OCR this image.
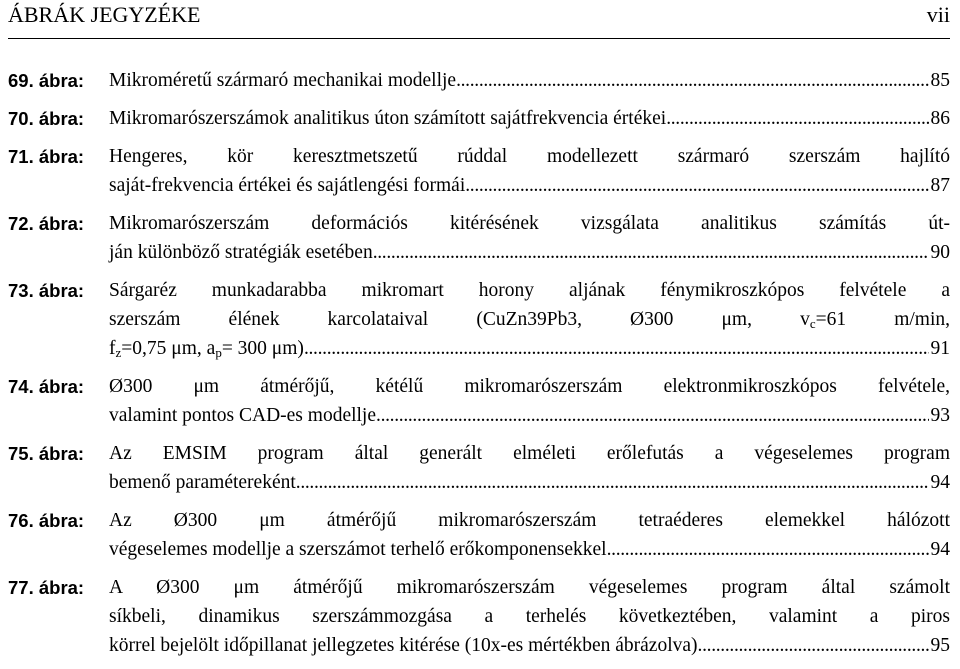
ÁBRÁK JEGYZÉKE	vii
69. ábra:	Mikroméretű szármaró mechanikai modellje . . .	85
70. ábra:	Mikromarószerszámok analitikus úton számított sajátfrekvencia értékei . . .	86
71. ábra:	Hengeres, kör keresztmetszetű rúddal modellezett szármaró szerszám hajlító
saját-frekvencia értékei és sajátlengési formái . . .	87
72. ábra:	Mikromarószerszám deformációs kitérésének vizsgálata analitikus számítás út-
ján különböző stratégiák esetében . . .	90
73. ábra:	Sárgaréz munkadarabba mikromart horony aljának fénymikroszkópos felvétele a
szerszám élének karcolataival (CuZn39Pb3, Ø300 μm, $v_c=61$ m/min,
$f_z=0,75$ μm, $a_p= 300$ μm) . . .	91
74. ábra:	Ø300 μm átmérőjű, kétélű mikromarószerszám elektronmikroszkópos felvétele,
valamint pontos CAD-es modellje . . .	93
75. ábra:	Az EMSIM program által generált elméleti erőlefutás a végeselemes program
bemenő paramétereként . . .	94
76. ábra:	Az Ø300 μm átmérőjű mikromarószerszám tetraéderes elemekkel hálózott
végeselemes modellje a szerszámot terhelő erőkomponensekkel . . .	94
77. ábra:	A Ø300 μm átmérőjű mikromarószerszám végeselemes program által számolt
síkbeli, dinamikus szerszámmozgása a terhelés következtében, valamint a piros
körrel bejelölt időpillanat jellegzetes kitérése (10x-es mértékben ábrázolva) . . .	95
